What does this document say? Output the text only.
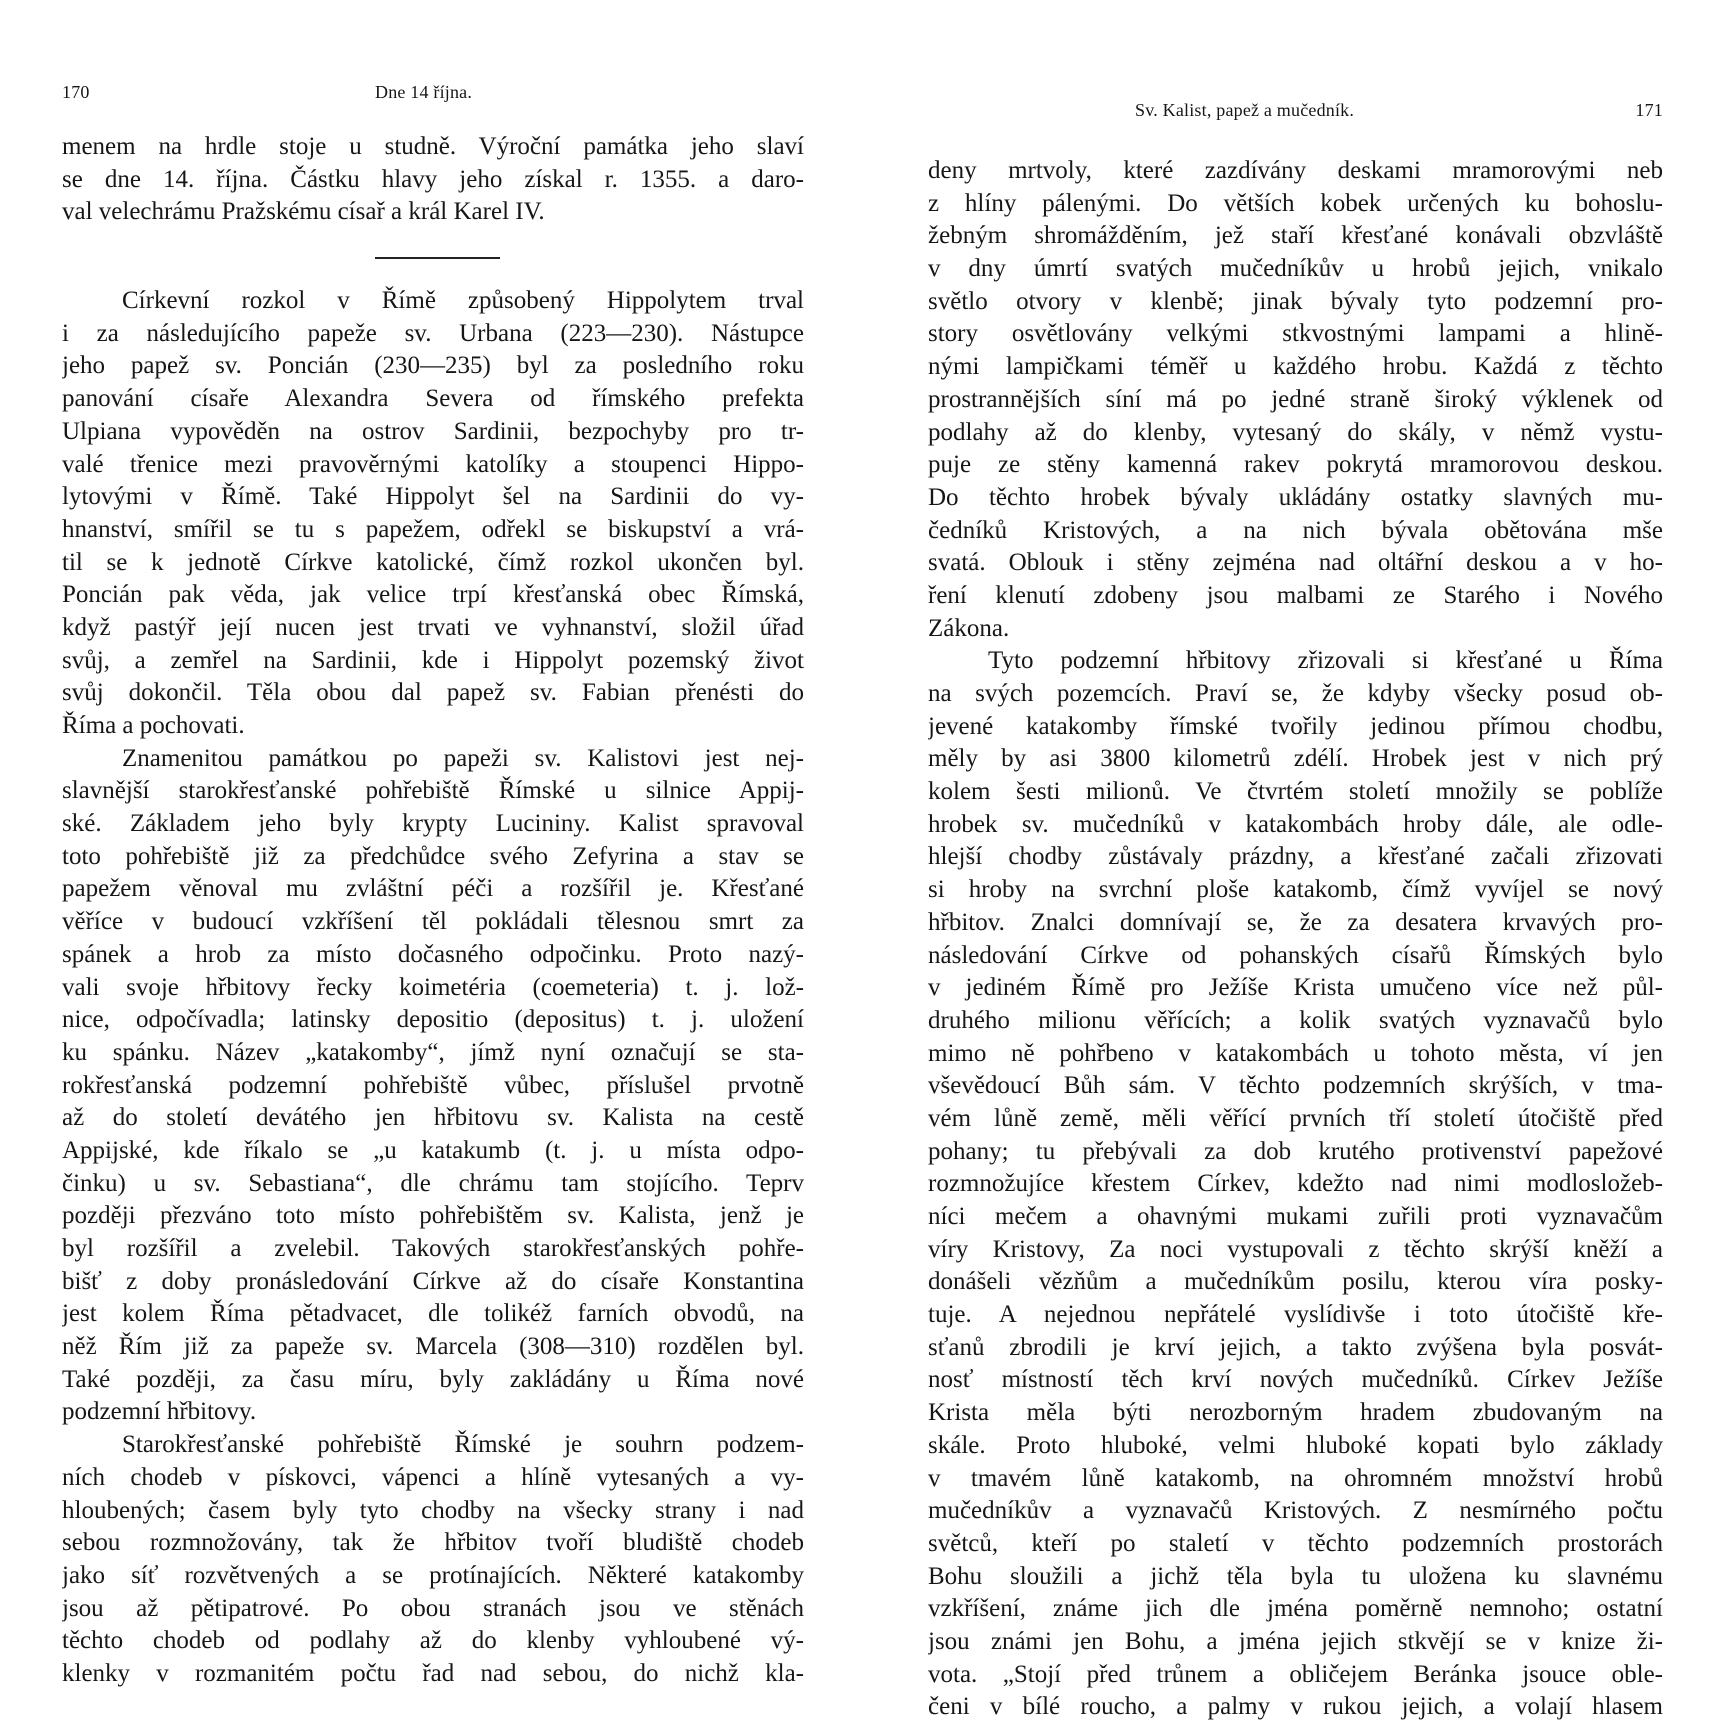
170	Dne 14 října.
menem na hrdle stoje u studně. Výroční památka jeho slaví
se dne 14. října. Částku hlavy jeho získal r. 1355. a daro-
val velechrámu Pražskému císař a král Karel IV.
Církevní rozkol v Římě způsobený Hippolytem trval
i za následujícího papeže sv. Urbana (223—230). Nástupce
jeho papež sv. Poncián (230—235) byl za posledního roku
panování císaře Alexandra Severa od římského prefekta
Ulpiana vypověděn na ostrov Sardinii, bezpochyby pro tr-
valé třenice mezi pravověrnými katolíky a stoupenci Hippo-
lytovými v Římě. Také Hippolyt šel na Sardinii do vy-
hnanství, smířil se tu s papežem, odřekl se biskupství a vrá-
til se k jednotě Církve katolické, čímž rozkol ukončen byl.
Poncián pak věda, jak velice trpí křesťanská obec Římská,
když pastýř její nucen jest trvati ve vyhnanství, složil úřad
svůj, a zemřel na Sardinii, kde i Hippolyt pozemský život
svůj dokončil. Těla obou dal papež sv. Fabian přenésti do
Říma a pochovati.
Znamenitou památkou po papeži sv. Kalistovi jest nej-
slavnější starokřesťanské pohřebiště Římské u silnice Appij-
ské. Základem jeho byly krypty Lucininy. Kalist spravoval
toto pohřebiště již za předchůdce svého Zefyrina a stav se
papežem věnoval mu zvláštní péči a rozšířil je. Křesťané
věříce v budoucí vzkříšení těl pokládali tělesnou smrt za
spánek a hrob za místo dočasného odpočinku. Proto nazý-
vali svoje hřbitovy řecky koimetéria (coemeteria) t. j. lož-
nice, odpočívadla; latinsky depositio (depositus) t. j. uložení
ku spánku. Název „katakomby“, jímž nyní označují se sta-
rokřesťanská podzemní pohřebiště vůbec, příslušel prvotně
až do století devátého jen hřbitovu sv. Kalista na cestě
Appijské, kde říkalo se „u katakumb (t. j. u místa odpo-
činku) u sv. Sebastiana“, dle chrámu tam stojícího. Teprv
později přezváno toto místo pohřebištěm sv. Kalista, jenž je
byl rozšířil a zvelebil. Takových starokřesťanských pohře-
bišť z doby pronásledování Církve až do císaře Konstantina
jest kolem Říma pětadvacet, dle tolikéž farních obvodů, na
něž Řím již za papeže sv. Marcela (308—310) rozdělen byl.
Také později, za času míru, byly zakládány u Říma nové
podzemní hřbitovy.
Starokřesťanské pohřebiště Římské je souhrn podzem-
ních chodeb v pískovci, vápenci a hlíně vytesaných a vy-
hloubených; časem byly tyto chodby na všecky strany i nad
sebou rozmnožovány, tak že hřbitov tvoří bludiště chodeb
jako síť rozvětvených a se protínajících. Některé katakomby
jsou až pětipatrové. Po obou stranách jsou ve stěnách
těchto chodeb od podlahy až do klenby vyhloubené vý-
klenky v rozmanitém počtu řad nad sebou, do nichž kla-
Sv. Kalist, papež a mučedník.	171
deny mrtvoly, které zazdívány deskami mramorovými neb
z hlíny pálenými. Do větších kobek určených ku bohoslu-
žebným shromážděním, jež staří křesťané konávali obzvláště
v dny úmrtí svatých mučedníkův u hrobů jejich, vnikalo
světlo otvory v klenbě; jinak bývaly tyto podzemní pro-
story osvětlovány velkými stkvostnými lampami a hlině-
nými lampičkami téměř u každého hrobu. Každá z těchto
prostrannějších síní má po jedné straně široký výklenek od
podlahy až do klenby, vytesaný do skály, v němž vystu-
puje ze stěny kamenná rakev pokrytá mramorovou deskou.
Do těchto hrobek bývaly ukládány ostatky slavných mu-
čedníků Kristových, a na nich bývala obětována mše
svatá. Oblouk i stěny zejména nad oltářní deskou a v ho-
ření klenutí zdobeny jsou malbami ze Starého i Nového
Zákona.
Tyto podzemní hřbitovy zřizovali si křesťané u Říma
na svých pozemcích. Praví se, že kdyby všecky posud ob-
jevené katakomby římské tvořily jedinou přímou chodbu,
měly by asi 3800 kilometrů zdélí. Hrobek jest v nich prý
kolem šesti milionů. Ve čtvrtém století množily se poblíže
hrobek sv. mučedníků v katakombách hroby dále, ale odle-
hlejší chodby zůstávaly prázdny, a křesťané začali zřizovati
si hroby na svrchní ploše katakomb, čímž vyvíjel se nový
hřbitov. Znalci domnívají se, že za desatera krvavých pro-
následování Církve od pohanských císařů Římských bylo
v jediném Římě pro Ježíše Krista umučeno více než půl-
druhého milionu věřících; a kolik svatých vyznavačů bylo
mimo ně pohřbeno v katakombách u tohoto města, ví jen
vševědoucí Bůh sám. V těchto podzemních skrýších, v tma-
vém lůně země, měli věřící prvních tří století útočiště před
pohany; tu přebývali za dob krutého protivenství papežové
rozmnožujíce křestem Církev, kdežto nad nimi modlosložeb-
níci mečem a ohavnými mukami zuřili proti vyznavačům
víry Kristovy, Za noci vystupovali z těchto skrýší kněží a
donášeli vězňům a mučedníkům posilu, kterou víra posky-
tuje. A nejednou nepřátelé vyslídivše i toto útočiště kře-
sťanů zbrodili je krví jejich, a takto zvýšena byla posvát-
nosť místností těch krví nových mučedníků. Církev Ježíše
Krista měla býti nerozborným hradem zbudovaným na
skále. Proto hluboké, velmi hluboké kopati bylo základy
v tmavém lůně katakomb, na ohromném množství hrobů
mučedníkův a vyznavačů Kristových. Z nesmírného počtu
světců, kteří po staletí v těchto podzemních prostorách
Bohu sloužili a jichž těla byla tu uložena ku slavnému
vzkříšení, známe jich dle jména poměrně nemnoho; ostatní
jsou známi jen Bohu, a jména jejich stkvějí se v knize ži-
vota. „Stojí před trůnem a obličejem Beránka jsouce oble-
čeni v bílé roucho, a palmy v rukou jejich, a volají hlasem
